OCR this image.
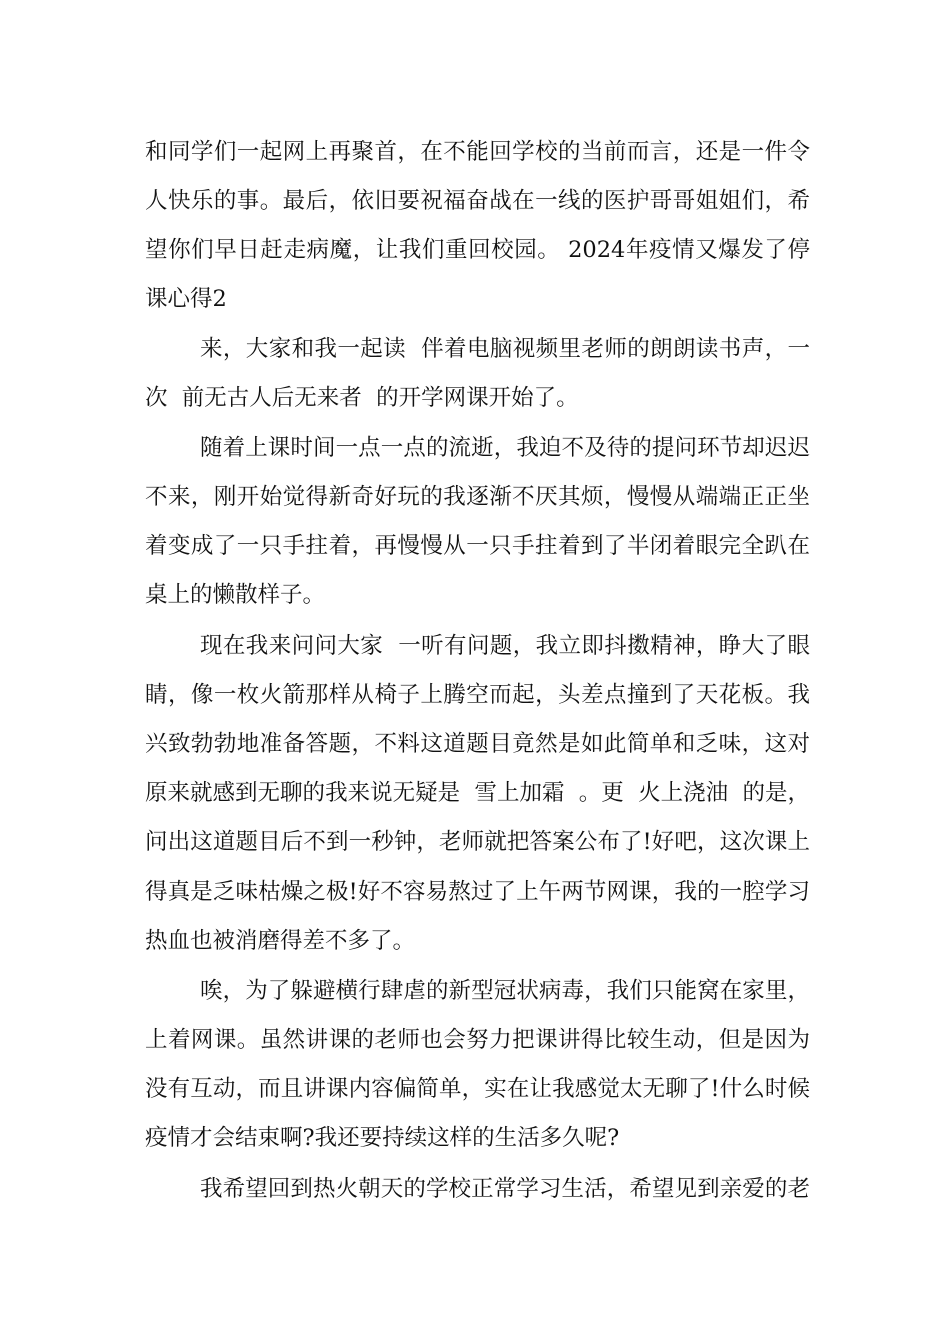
和同学们一起网上再聚首，在不能回学校的当前而言，还是一件令
人快乐的事。最后，依旧要祝福奋战在一线的医护哥哥姐姐们，希
望你们早日赶走病魔，让我们重回校园。 2024年疫情又爆发了停
课心得2
来，大家和我一起读  伴着电脑视频里老师的朗朗读书声，一
次  前无古人后无来者  的开学网课开始了。
随着上课时间一点一点的流逝，我迫不及待的提问环节却迟迟
不来，刚开始觉得新奇好玩的我逐渐不厌其烦，慢慢从端端正正坐
着变成了一只手拄着，再慢慢从一只手拄着到了半闭着眼完全趴在
桌上的懒散样子。
现在我来问问大家  一听有问题，我立即抖擞精神，睁大了眼
睛，像一枚火箭那样从椅子上腾空而起，头差点撞到了天花板。我
兴致勃勃地准备答题，不料这道题目竟然是如此简单和乏味，这对
原来就感到无聊的我来说无疑是  雪上加霜  。更  火上浇油  的是，
问出这道题目后不到一秒钟，老师就把答案公布了!好吧，这次课上
得真是乏味枯燥之极!好不容易熬过了上午两节网课，我的一腔学习
热血也被消磨得差不多了。
唉，为了躲避横行肆虐的新型冠状病毒，我们只能窝在家里，
上着网课。虽然讲课的老师也会努力把课讲得比较生动，但是因为
没有互动，而且讲课内容偏简单，实在让我感觉太无聊了!什么时候
疫情才会结束啊?我还要持续这样的生活多久呢?
我希望回到热火朝天的学校正常学习生活，希望见到亲爱的老
